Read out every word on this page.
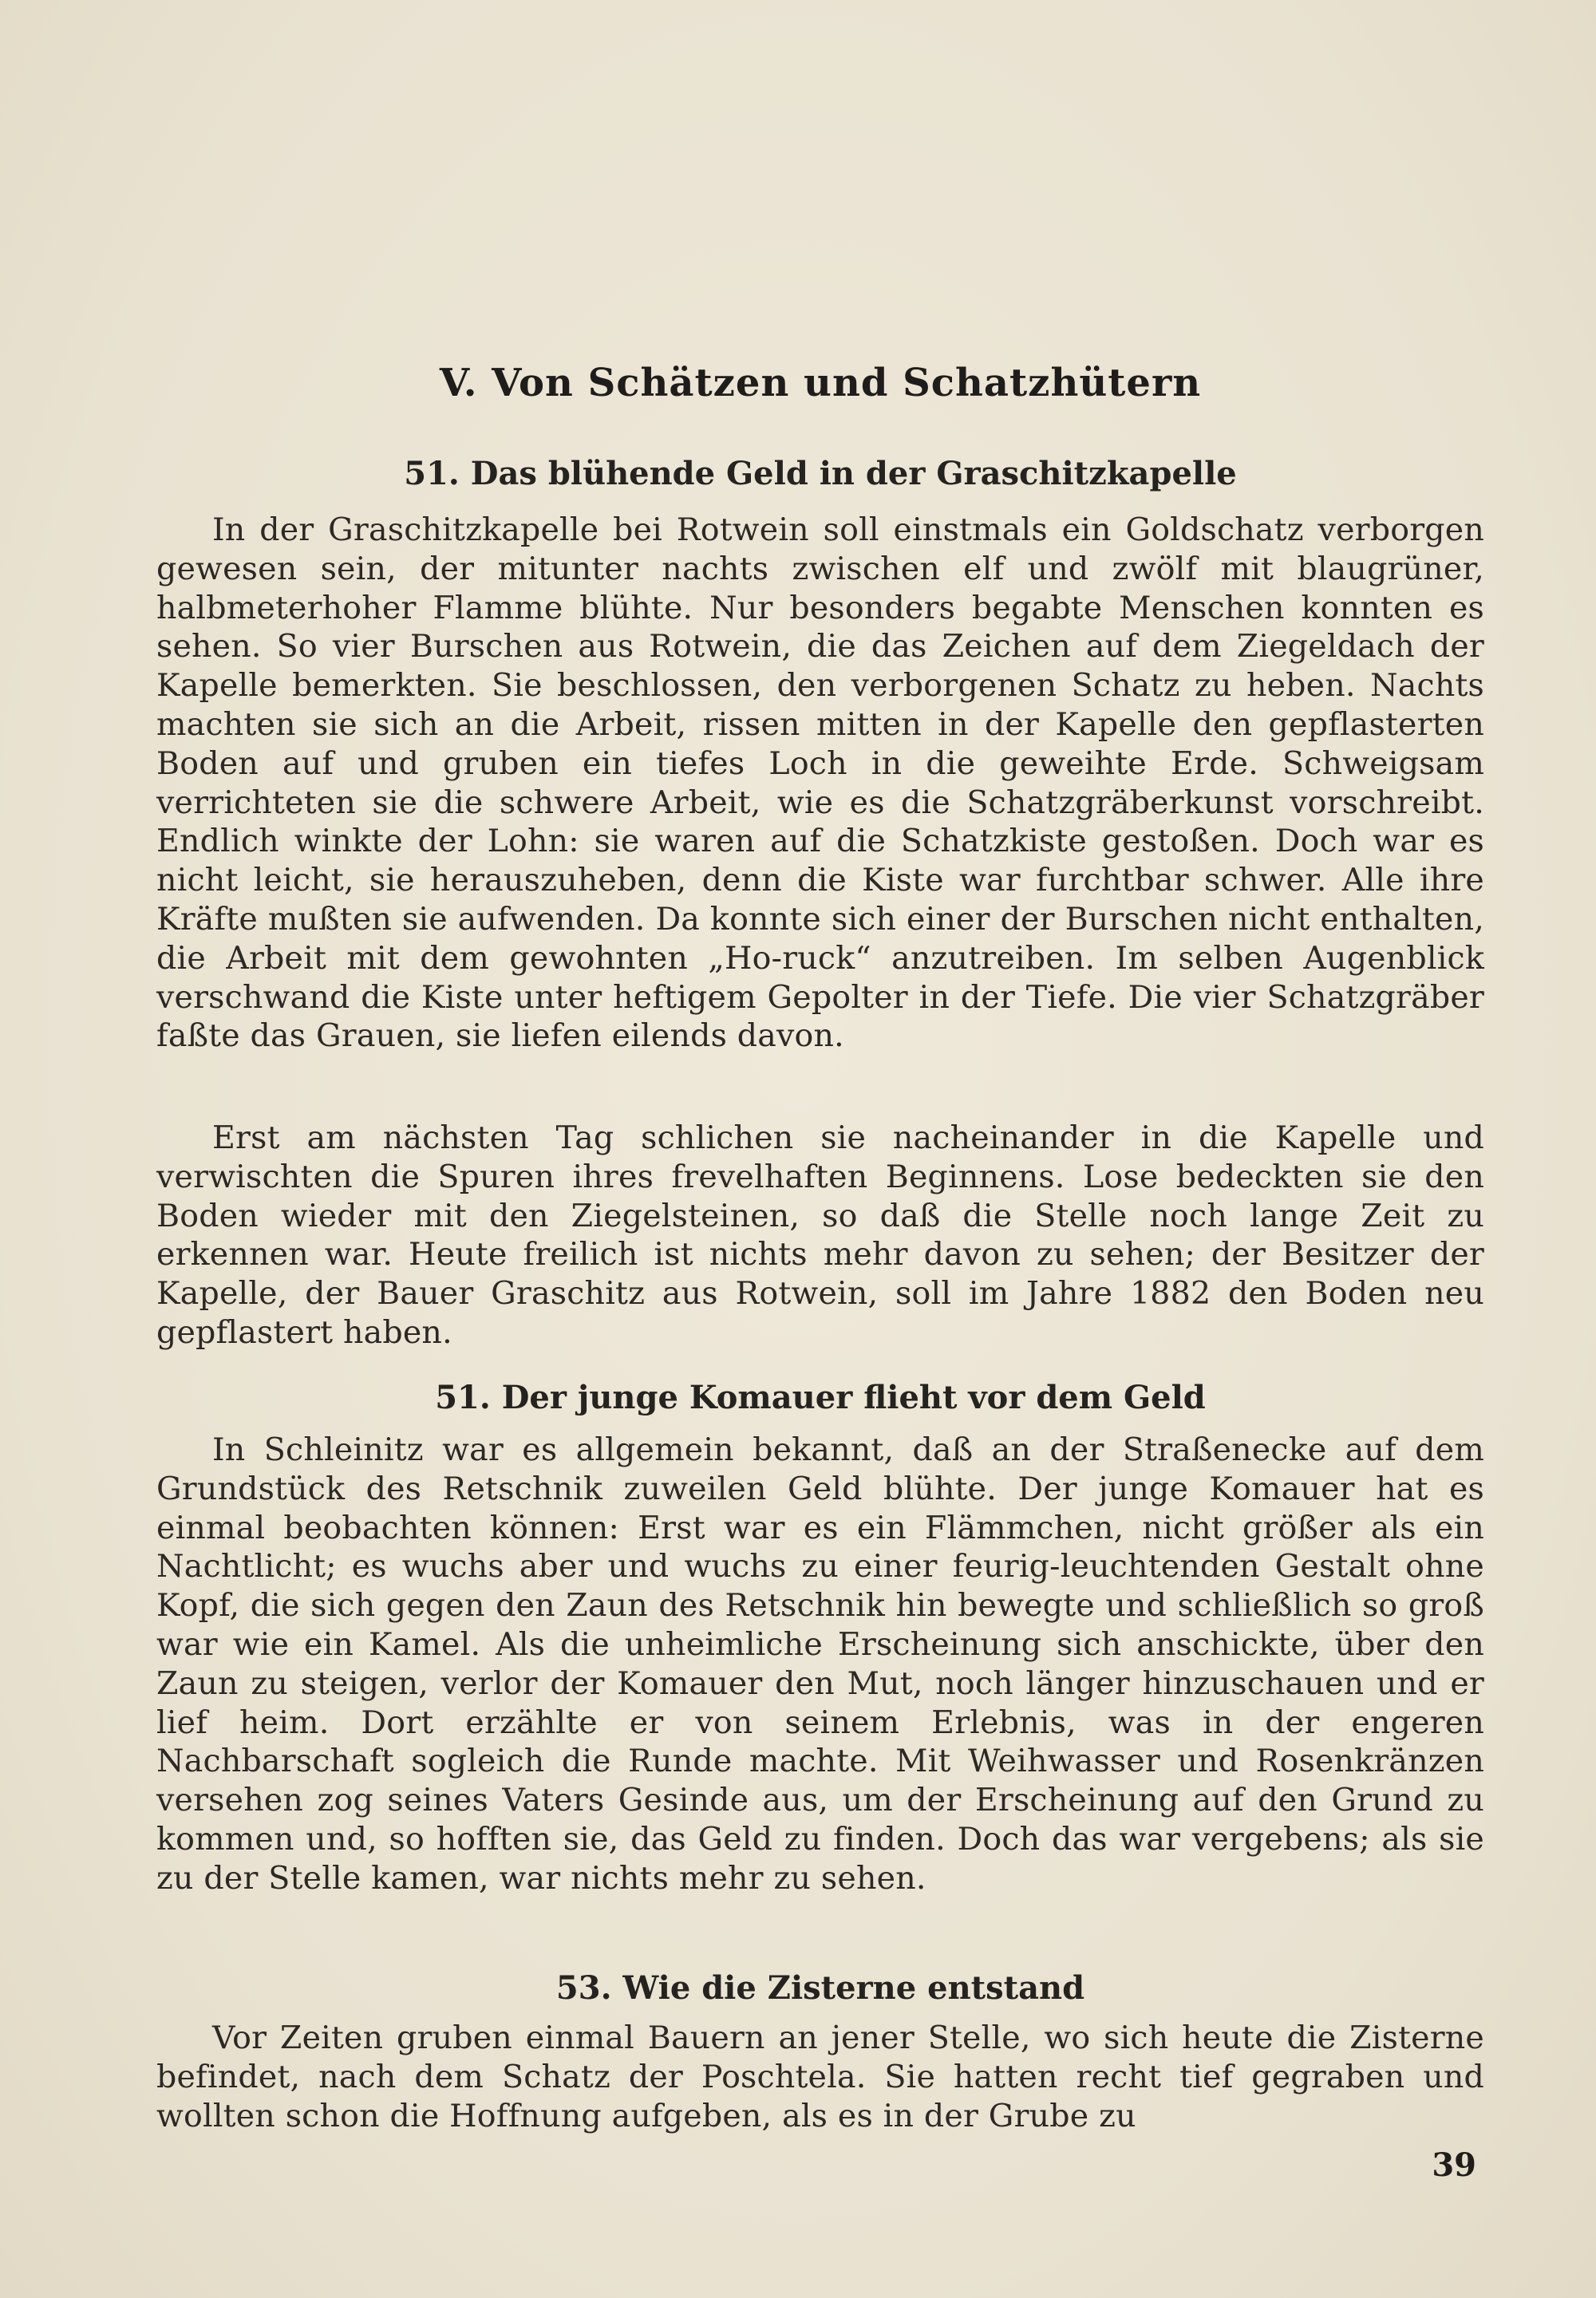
V. Von Schätzen und Schatzhütern
51. Das blühende Geld in der Graschitzkapelle
In der Graschitzkapelle bei Rotwein soll einstmals ein Goldschatz verborgen gewesen sein, der mitunter nachts zwischen elf und zwölf mit blaugrüner, halbmeterhoher Flamme blühte. Nur besonders begabte Menschen konnten es sehen. So vier Burschen aus Rotwein, die das Zeichen auf dem Ziegeldach der Kapelle bemerkten. Sie beschlossen, den verborgenen Schatz zu heben. Nachts machten sie sich an die Arbeit, rissen mitten in der Kapelle den gepflasterten Boden auf und gruben ein tiefes Loch in die geweihte Erde. Schweigsam verrichteten sie die schwere Arbeit, wie es die Schatzgräberkunst vorschreibt. Endlich winkte der Lohn: sie waren auf die Schatzkiste gestoßen. Doch war es nicht leicht, sie herauszuheben, denn die Kiste war furchtbar schwer. Alle ihre Kräfte mußten sie aufwenden. Da konnte sich einer der Burschen nicht enthalten, die Arbeit mit dem gewohnten „Ho-ruck“ anzutreiben. Im selben Augenblick verschwand die Kiste unter heftigem Gepolter in der Tiefe. Die vier Schatzgräber faßte das Grauen, sie liefen eilends davon.
Erst am nächsten Tag schlichen sie nacheinander in die Kapelle und verwischten die Spuren ihres frevelhaften Beginnens. Lose bedeckten sie den Boden wieder mit den Ziegelsteinen, so daß die Stelle noch lange Zeit zu erkennen war. Heute freilich ist nichts mehr davon zu sehen; der Besitzer der Kapelle, der Bauer Graschitz aus Rotwein, soll im Jahre 1882 den Boden neu gepflastert haben.
51. Der junge Komauer flieht vor dem Geld
In Schleinitz war es allgemein bekannt, daß an der Straßenecke auf dem Grundstück des Retschnik zuweilen Geld blühte. Der junge Komauer hat es einmal beobachten können: Erst war es ein Flämmchen, nicht größer als ein Nachtlicht; es wuchs aber und wuchs zu einer feurig-leuchtenden Gestalt ohne Kopf, die sich gegen den Zaun des Retschnik hin bewegte und schließlich so groß war wie ein Kamel. Als die unheimliche Erscheinung sich anschickte, über den Zaun zu steigen, verlor der Komauer den Mut, noch länger hinzuschauen und er lief heim. Dort erzählte er von seinem Erlebnis, was in der engeren Nachbarschaft sogleich die Runde machte. Mit Weihwasser und Rosenkränzen versehen zog seines Vaters Gesinde aus, um der Erscheinung auf den Grund zu kommen und, so hofften sie, das Geld zu finden. Doch das war vergebens; als sie zu der Stelle kamen, war nichts mehr zu sehen.
53. Wie die Zisterne entstand
Vor Zeiten gruben einmal Bauern an jener Stelle, wo sich heute die Zisterne befindet, nach dem Schatz der Poschtela. Sie hatten recht tief gegraben und wollten schon die Hoffnung aufgeben, als es in der Grube zu
39
